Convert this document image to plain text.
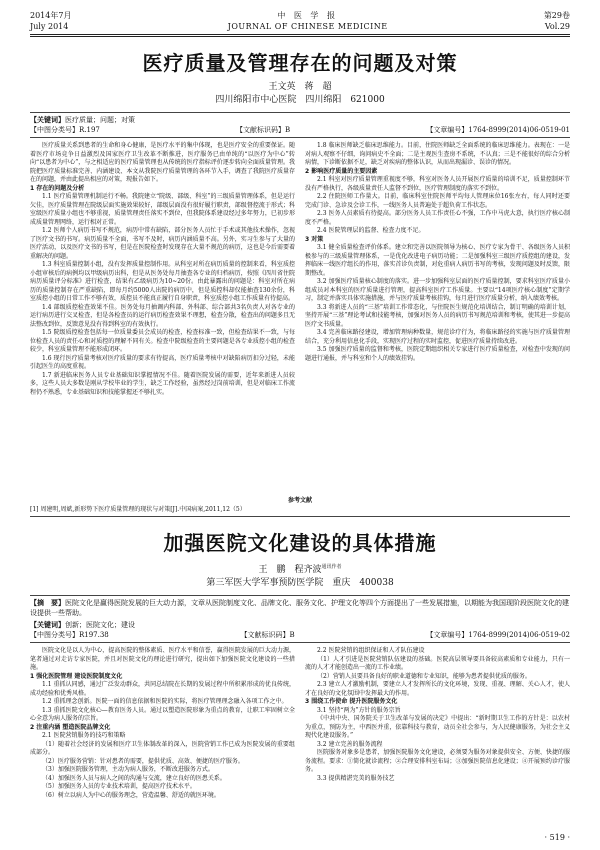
2014年7月
July 2014
中 医 学 报
JOURNAL OF CHINESE MEDICINE
第29卷
Vol.29
医疗质量及管理存在的问题及对策
王文英　蒋　超
四川绵阳市中心医院　四川绵阳　621000
【关键词】医疗质量；问题；对策
【中图分类号】R.197	【文献标识码】B	【文章编号】1764-8999(2014)06-0519-01

医疗质量关系到患者的生命和身心健康，是医疗水平的集中体现，也是医疗安全的重要保证。随着医疗市场竞争日益激烈及国家医疗卫生改革不断推进，医疗服务已由单纯的“以医疗为中心”转向“以患者为中心”，与之相适应的医疗质量管理也从传统的医疗指标评价逐步转向全面质量管理。我院把医疗质量标准完善、内涵建设、本文从我院医疗质量管理的各环节入手，调查了我院医疗质量存在的问题，并由此提出相应的对策，现报告如下。

1 存在的问题及分析

1.1 医疗质量管理机制运行不畅。我院建立“院级、部级、科室”的三级质量管理体系，但是运行欠佳，医疗质量管理在院级层面实施效果较好，部级层面没有很好履行职责，部级督控流于形式；科室级医疗质量小组也不够重视，质量管理责任落实不到位，但我院体系建设经过多年努力，已初步形成质量管理网络，运行相对正常。

1.2 医师个人病历书写不规范，病历中常有缺陷，部分医务人员忙于手术或其他技术操作，忽视了医疗文书的书写。病历质量不全面，书写不及时，病历内涵质量不高。另外，实习生参与了大量的医疗活动，以及医疗文书的书写，但是在医院检查时发现存在大量不规范的病历，这也是今后需要着重解决的问题。

1.3 科室质量控制小组，没有发挥质量控制作用。从科室对所在病历质量的控制来看，科室质控小组审核后的病例均以甲级病历出科，但是从医务处每月抽查各专业的归档病历，按照《四川省住院病历质量评分标准》进行检查，结果有乙级病历为10~20份。由此暴露出的问题是：科室对所在病历的质量控制存在严重缺陷，即每月约5000人出院的病历中，但是质控科却仅能抽查130余份，科室质控小组的日常工作不够有效，质控员不能真正履行自身职责，科室质控小组工作质量有待提高。

1.4 部级质控检查效果不佳。医务处每月抽调内科部、外科部、综合部共3名负责人对各专业的运行病历进行交叉检查，但是各检查员的运行病历检查效果不理想，检查分散，检查出的问题多且无法整改到位，反馈意见没有得到科室的有效执行。

1.5 院级质控检查包括每一位质量委员会成员的检查，检查标准一致，但检查结果不一致，与每位检查人员的责任心和对质控的理解不同有关。检查中院级检查的主要问题是各专业质控小组的检查较少，科室质量管理不能形成闭环。

1.6 现行医疗质量考核对医疗质量的要求有待提高，医疗质量考核中对缺陷病历扣分过轻，未能引起医生的高度重视。

1.7 新进临床医务人员专业基础知识掌握情况不佳。随着医院发展的需要，近年来新进人员较多，这些人员大多数是刚从学校毕业的学生，缺乏工作经验，虽然经过岗前培训，但是对临床工作流程仍不熟悉，专业基础知识和技能掌握还不够扎实。

1.8 临床医师缺乏临床思维能力。目前，住院医师缺乏全面系统的临床思维能力。表现在：一是对病人观察不仔细，询问病史不全面；二是主观医生查房不系统，不认真；三是不能很好的综合分析病情，下诊断依据不足，缺乏对疾病的整体认识，从而出现漏诊、误诊的情况。

2 影响医疗质量的主要因素

2.1 科室对医疗质量管理重视度不够，科室对医务人员开展医疗质量的培训不足，质量控制环节没有严格执行，各级质量责任人监督不到位，医疗管理制度的落实不到位。

2.2 住院医师工作量大。目前，临床科室住院医师平均每人管理床位16张左右，每人同时还要完成门诊、急诊及会诊工作，一线医务人员普遍处于超负荷工作状态。

2.3 医务人员素质有待提高。部分医务人员工作责任心不强，工作中马虎大意，执行医疗核心制度不严格。

2.4 医院管理层的监督、检查力度不足。

3 对策

3.1 健全质量检查评价体系。建立和完善以医院领导为核心、医疗专家为骨干、各级医务人员积极参与的三级质量管理体系，一是优化改进电子病历功能；二是加强科室三级医疗质控组的建设，发挥临床一线医疗组长的作用，落实首诊负责制，对危重病人病历书写的考核，发现问题及时反馈，限期整改。

3.2 加强医疗质量核心制度的落实。进一步加强科室层面的医疗质量控制，要求科室医疗质量小组成员对本科室的医疗质量进行管理，提高科室医疗工作质量。主要以“14项医疗核心制度”定期学习，制定并落实具体实施措施，并与医疗质量考核挂钩，每月进行医疗质量分析，纳入绩效考核。

3.3 将新进人员的“三基”培训工作常态化，与住院医生规范化培训结合，制订明确的培训计划，坚持开展“三基”理论考试和技能考核，加强对医务人员的病历书写规范培训和考核，使其进一步提高医疗文书质量。

3.4 完善临床路径建设，增加管理病种数量，规范诊疗行为，将临床路径的实施与医疗质量管理结合，充分利用信息化手段，实现医疗过程的实时监控，促进医疗质量持续改进。

3.5 加强医疗质量的监督和考核，医院定期组织相关专家进行医疗质量检查，对检查中发现的问题进行通报，并与科室和个人的绩效挂钩。

参考文献

[1] 周建明,周斌,新形势下医疗质量管理的现状与对策[J].中国病案,2011,12（5）
加强医院文化建设的具体措施
王　鹏　程齐波$^{通讯作者}$
第三军医大学军事预防医学院　重庆　400038
【摘　要】医院文化是赢得医院发展的巨大动力源，文章从医院制度文化、品牌文化、服务文化、护理文化等四个方面提出了一些发展措施，以期能为我国现阶段医院文化的建设提供一些帮助。
【关键词】创新；医院文化；建设
【中图分类号】R197.38	【文献标识码】B	【文章编号】1764-8999(2014)06-0519-02

医院文化是以人为中心，提高医院的整体素质、医疗水平和信誉，赢得医院发展的巨大动力源，笔者通过对走访专家医院，并且对医院文化的理论进行研究，提出如下加强医院文化建设的一些措施。

1 强化医院管理 建设医院制度文化

1.1 重抓认同感，通过广泛发动群众，共同总结院在长期的发展过程中所积累形成的优良传统，成功经验和优秀风格。

1.2 重抓理念创新。医院一面的信息依据和医院的实际，将医疗管理理念融入各项工作之中。

1.3 重抓医院文化核心—教育医务人员。通过以塑造医院形象为重点的教育，让职工牢固树立全心全意为病人服务的宗旨。

2 注重内涵 塑造医院品牌文化

2.1 医院营销服务的技巧和策略

（1）随着社会经济的发展和医疗卫生体制改革的深入，医院营销工作已成为医院发展的重要组成部分。

（2）医疗服务营销：针对患者的需要，提供优质、高效、便捷的医疗服务。

（3）加强医院服务管理，主动为病人服务，不断改进服务方式。

（4）加强医务人员与病人之间的沟通与交流，建立良好的医患关系。

（5）加强医务人员的专业技术培训，提高医疗技术水平。

（6）树立以病人为中心的服务理念，营造温馨、舒适的就医环境。

2.2 医院营销的组织保证和人才队伍建设

（1）人才引进是医院营销队伍建设的基础。医院高层领导要具备较高素质和专业能力，只有一流的人才才能创造出一流的工作业绩。

（2）营销人员要具备良好的职业道德和专业知识，能够为患者提供优质的服务。

2.3 建立人才激励机制，要建立人才发挥所长的文化环境，发现、重视、理解、关心人才，使人才在良好的文化氛围中发挥最大的作用。

3 围绕工作使命 提升医院服务文化

3.1 坚持“两为”方针的服务宗旨

《中共中央、国务院关于卫生改革与发展的决定》中提出：“新时期卫生工作的方针是：以农村为重点，预防为主，中西医并重，依靠科技与教育，动员全社会参与，为人民健康服务，为社会主义现代化建设服务。”

3.2 建立完善的服务流程

医院服务对象多是患者，加强医院服务文化建设，必须要为服务对象提供安全、方便、快捷的服务流程。要求：①简化就诊流程；②合理安排科室布局；③加强医院信息化建设；④开展预约诊疗服务。

3.3 提供精湛完美的服务技艺

· 519 ·
